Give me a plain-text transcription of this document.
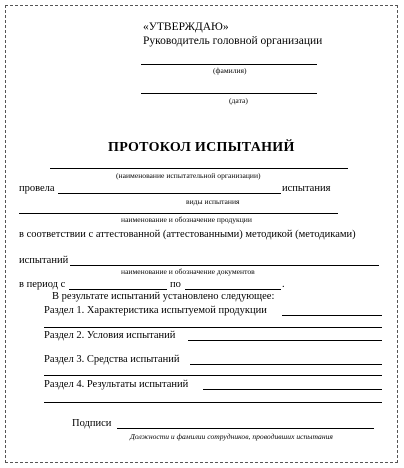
«УТВЕРЖДАЮ»
Руководитель головной организации
(фамилия)
(дата)
ПРОТОКОЛ ИСПЫТАНИЙ
(наименование испытательной организации)
провела	испытания
виды испытания
наименование и обозначение продукции
в соответствии с аттестованной (аттестованными) методикой (методиками)
испытаний
наименование и обозначение документов
в период с	по	.
В результате испытаний установлено следующее:
Раздел 1. Характеристика испытуемой продукции
Раздел 2. Условия испытаний
Раздел 3. Средства испытаний
Раздел 4. Результаты испытаний
Подписи
Должности и фамилии сотрудников, проводивших испытания
